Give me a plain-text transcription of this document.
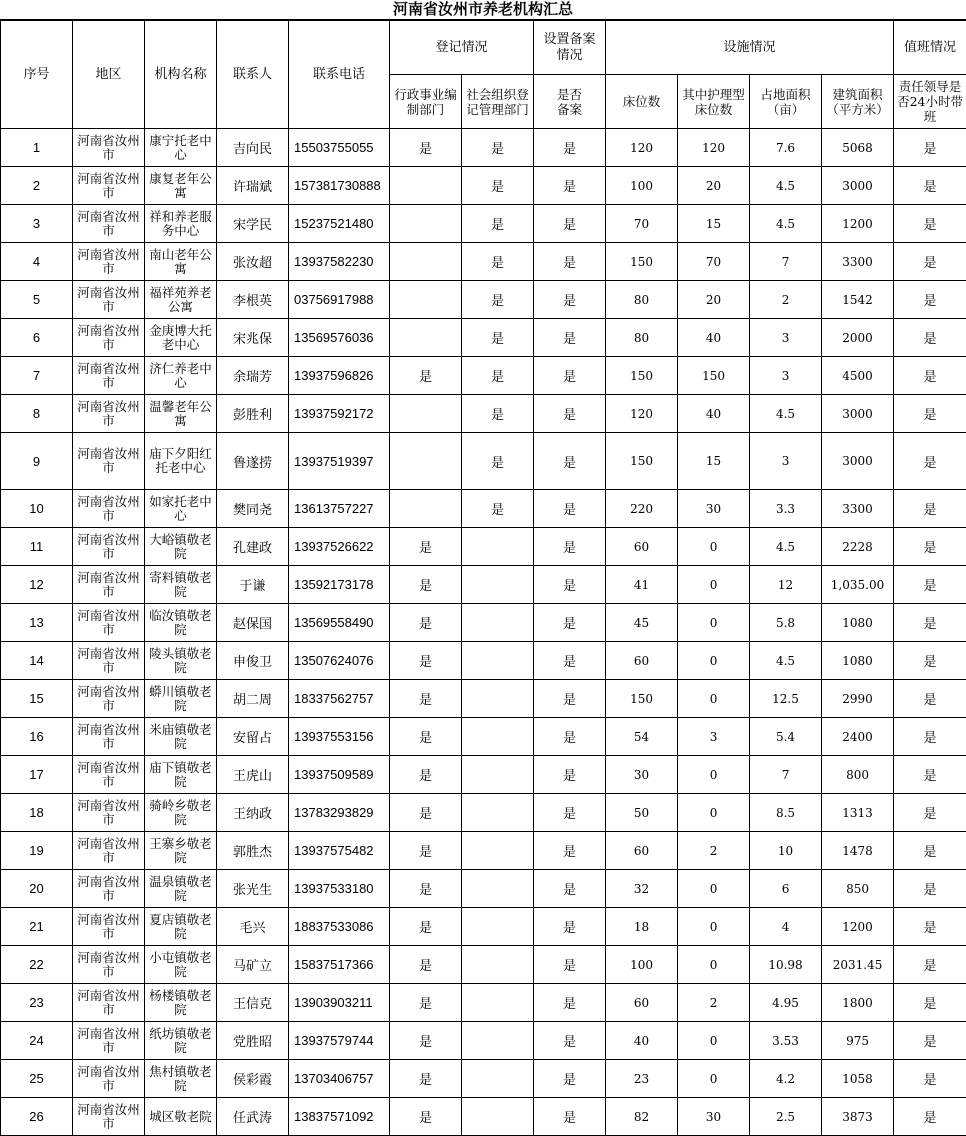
河南省汝州市养老机构汇总
序号	地区	机构名称	联系人	联系电话	登记情况		设置备案情况	设施情况				值班情况
					行政事业编制部门	社会组织登记管理部门	是否备案	床位数	其中护理型床位数	占地面积（亩）	建筑面积（平方米）	责任领导是否24小时带班
1	河南省汝州市	康宁托老中心	吉向民	15503755055	是	是	是	120	120	7.6	5068	是
2	河南省汝州市	康复老年公寓	许瑞斌	157381730888		是	是	100	20	4.5	3000	是
3	河南省汝州市	祥和养老服务中心	宋学民	15237521480		是	是	70	15	4.5	1200	是
4	河南省汝州市	南山老年公寓	张汝超	13937582230		是	是	150	70	7	3300	是
5	河南省汝州市	福祥苑养老公寓	李根英	03756917988		是	是	80	20	2	1542	是
6	河南省汝州市	金庚博大托老中心	宋兆保	13569576036		是	是	80	40	3	2000	是
7	河南省汝州市	济仁养老中心	余瑞芳	13937596826	是	是	是	150	150	3	4500	是
8	河南省汝州市	温馨老年公寓	彭胜利	13937592172		是	是	120	40	4.5	3000	是
9	河南省汝州市	庙下夕阳红托老中心	鲁遂捞	13937519397		是	是	150	15	3	3000	是
10	河南省汝州市	如家托老中心	樊同尧	13613757227		是	是	220	30	3.3	3300	是
11	河南省汝州市	大峪镇敬老院	孔建政	13937526622	是		是	60	0	4.5	2228	是
12	河南省汝州市	寄料镇敬老院	于谦	13592173178	是		是	41	0	12	1,035.00	是
13	河南省汝州市	临汝镇敬老院	赵保国	13569558490	是		是	45	0	5.8	1080	是
14	河南省汝州市	陵头镇敬老院	申俊卫	13507624076	是		是	60	0	4.5	1080	是
15	河南省汝州市	蟒川镇敬老院	胡二周	18337562757	是		是	150	0	12.5	2990	是
16	河南省汝州市	米庙镇敬老院	安留占	13937553156	是		是	54	3	5.4	2400	是
17	河南省汝州市	庙下镇敬老院	王虎山	13937509589	是		是	30	0	7	800	是
18	河南省汝州市	骑岭乡敬老院	王纳政	13783293829	是		是	50	0	8.5	1313	是
19	河南省汝州市	王寨乡敬老院	郭胜杰	13937575482	是		是	60	2	10	1478	是
20	河南省汝州市	温泉镇敬老院	张光生	13937533180	是		是	32	0	6	850	是
21	河南省汝州市	夏店镇敬老院	毛兴	18837533086	是		是	18	0	4	1200	是
22	河南省汝州市	小屯镇敬老院	马矿立	15837517366	是		是	100	0	10.98	2031.45	是
23	河南省汝州市	杨楼镇敬老院	王信克	13903903211	是		是	60	2	4.95	1800	是
24	河南省汝州市	纸坊镇敬老院	党胜昭	13937579744	是		是	40	0	3.53	975	是
25	河南省汝州市	焦村镇敬老院	侯彩霞	13703406757	是		是	23	0	4.2	1058	是
26	河南省汝州市	城区敬老院	任武涛	13837571092	是		是	82	30	2.5	3873	是
